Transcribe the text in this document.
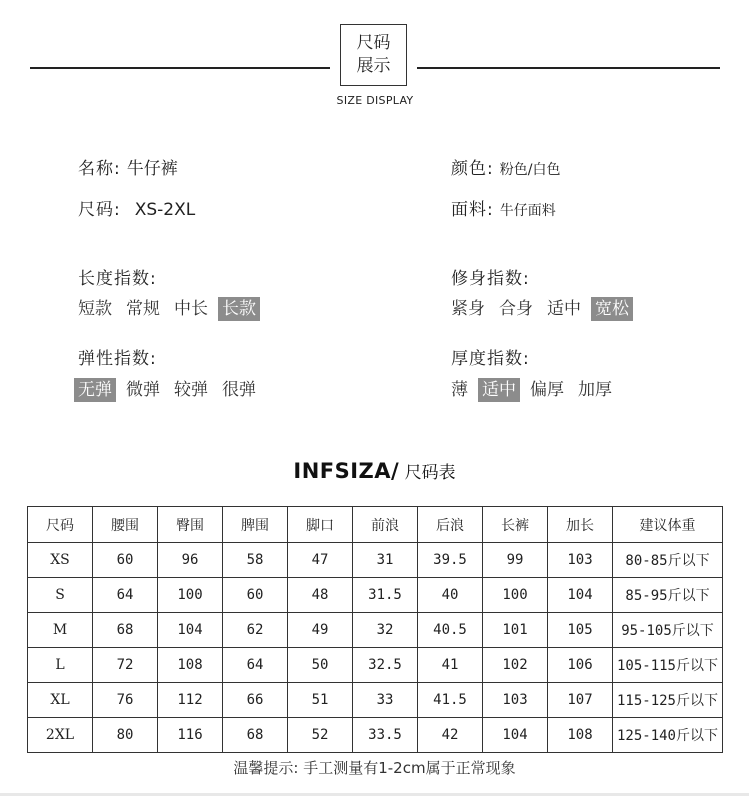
尺码
展示
SIZE DISPLAY
名称: 牛仔裤
尺码: XS-2XL
颜色: 粉色/白色
面料: 牛仔面料
长度指数:
短款 常规 中长 长款
修身指数:
紧身 合身 适中 宽松
弹性指数:
无弹 微弹 较弹 很弹
厚度指数:
薄 适中 偏厚 加厚
INFSIZA/ 尺码表
尺码	腰围	臀围	脾围	脚口	前浪	后浪	长裤	加长	建议体重
XS	60	96	58	47	31	39.5	99	103	80-85斤以下
S	64	100	60	48	31.5	40	100	104	85-95斤以下
M	68	104	62	49	32	40.5	101	105	95-105斤以下
L	72	108	64	50	32.5	41	102	106	105-115斤以下
XL	76	112	66	51	33	41.5	103	107	115-125斤以下
2XL	80	116	68	52	33.5	42	104	108	125-140斤以下
温馨提示: 手工测量有1-2cm属于正常现象
